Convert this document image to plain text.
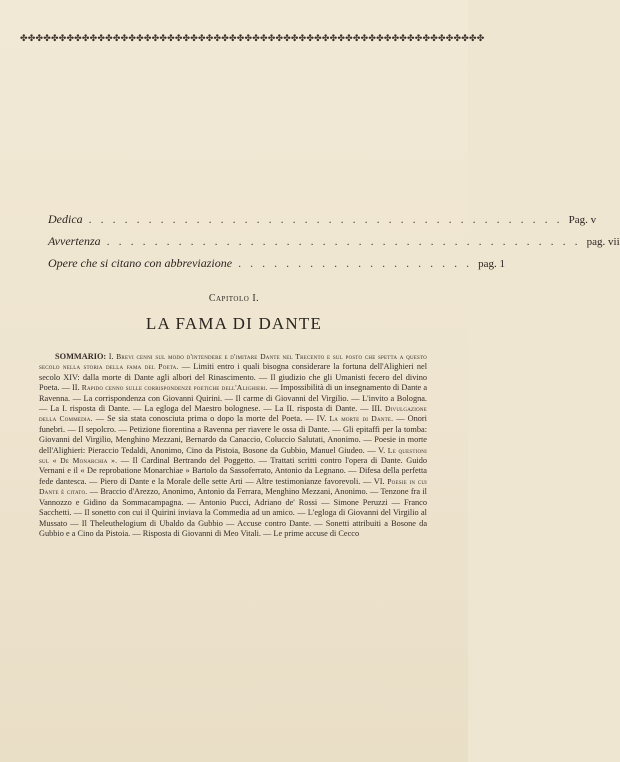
✤✤✤✤✤✤✤✤✤✤✤✤✤✤✤✤✤✤✤✤✤✤✤✤✤✤✤✤✤✤✤✤✤✤✤✤✤✤✤✤✤✤✤✤✤✤✤✤✤✤✤✤✤✤✤✤✤✤✤✤
Dedica . . . . . . . . . . . . . . . . . . . . . . . . . . . . . . . . . . . . . . . . Pag. v
Avvertenza . . . . . . . . . . . . . . . . . . . . . . . . . . . . . . . . . . . . . . . . pag. vii
Opere che si citano con abbreviazione . . . . . . . . . . . . . . . . . . . . pag. 1
Capitolo I.
LA FAMA DI DANTE
SOMMARIO: I. Brevi cenni sul modo d'intendere e d'imitare Dante nel Trecento e sul posto che spetta a questo secolo nella storia della fama del Poeta. — Limiti entro i quali bisogna considerare la fortuna dell'Alighieri nel secolo XIV: dalla morte di Dante agli albori del Rinascimento. — Il giudizio che gli Umanisti fecero del divino Poeta. — II. Rapido cenno sulle corrispondenze poetiche dell'Alighieri. — Impossibilità di un insegnamento di Dante a Ravenna. — La corrispondenza con Giovanni Quirini. — Il carme di Giovanni del Virgilio. — L'invito a Bologna. — La I. risposta di Dante. — La egloga del Maestro bolognese. — La II. risposta di Dante. — III. Divulgazione della Commedia. — Se sia stata conosciuta prima o dopo la morte del Poeta. — IV. La morte di Dante. — Onori funebri. — Il sepolcro. — Petizione fiorentina a Ravenna per riavere le ossa di Dante. — Gli epitaffi per la tomba: Giovanni del Virgilio, Menghino Mezzani, Bernardo da Canaccio, Coluccio Salutati, Anonimo. — Poesie in morte dell'Alighieri: Pieraccio Tedaldi, Anonimo, Cino da Pistoia, Bosone da Gubbio, Manuel Giudeo. — V. Le questioni sul « De Monarchia ». — Il Cardinal Bertrando del Poggetto. — Trattati scritti contro l'opera di Dante. Guido Vernani e il « De reprobatione Monarchiae » Bartolo da Sassoferrato, Antonio da Legnano. — Difesa della perfetta fede dantesca. — Piero di Dante e la Morale delle sette Arti — Altre testimonianze favorevoli. — VI. Poesie in cui Dante è citato. — Braccio d'Arezzo, Anonimo, Antonio da Ferrara, Menghino Mezzani, Anonimo. — Tenzone fra il Vannozzo e Gidino da Sommacampagna. — Antonio Pucci, Adriano de' Rossi — Simone Peruzzi — Franco Sacchetti. — Il sonetto con cui il Quirini inviava la Commedia ad un amico. — L'egloga di Giovanni del Virgilio al Mussato — Il Theleuthelogium di Ubaldo da Gubbio — Accuse contro Dante. — Sonetti attribuiti a Bosone da Gubbio e a Cino da Pistoia. — Risposta di Giovanni di Meo Vitali. — Le prime accuse di Cecco
